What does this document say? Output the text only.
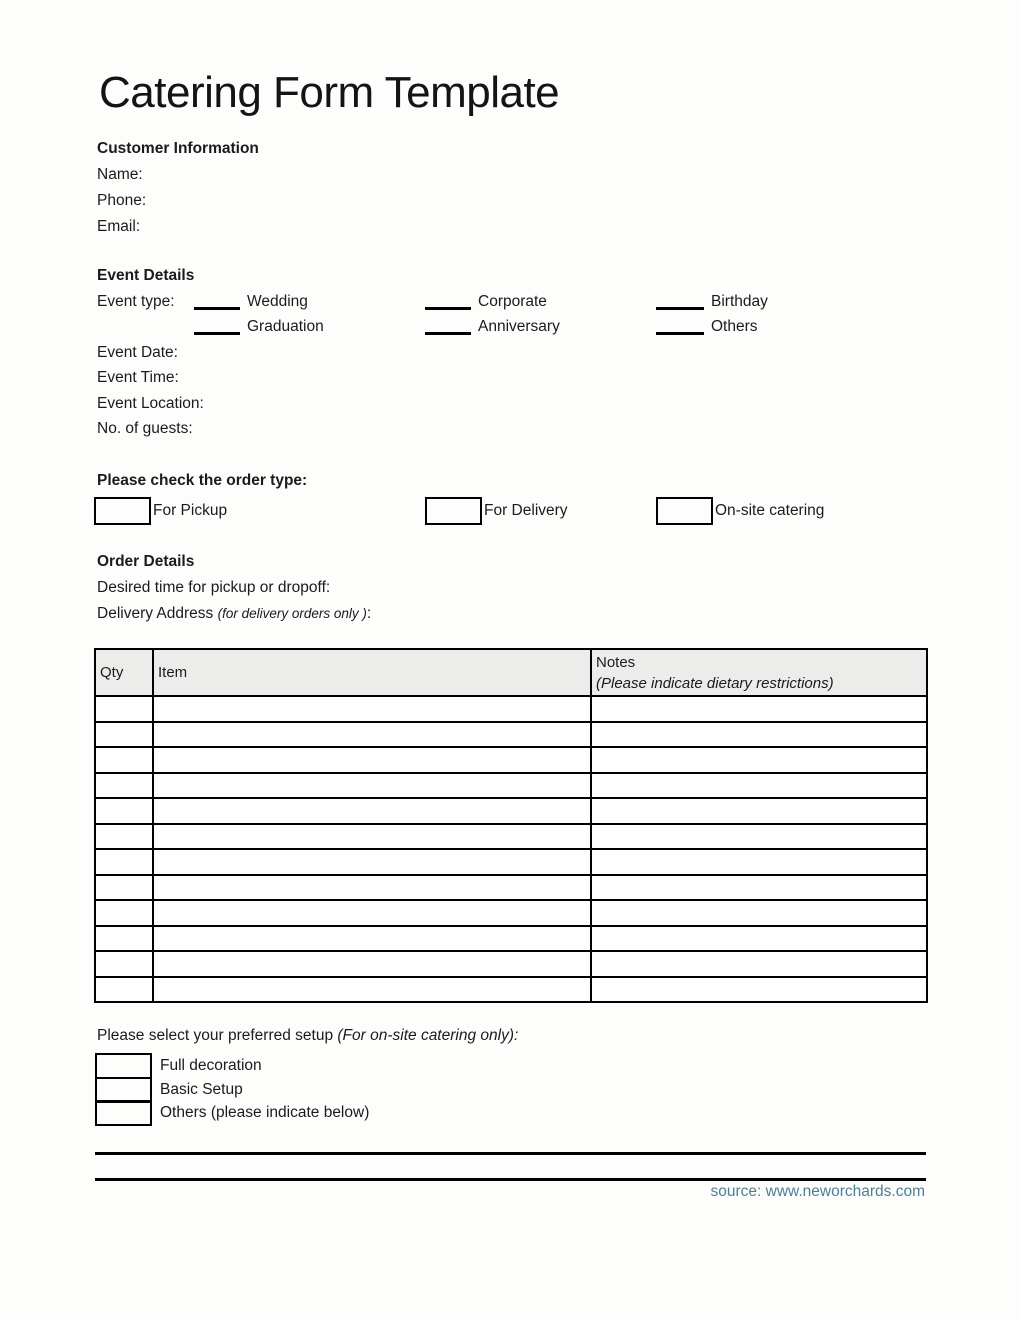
Catering Form Template
Customer Information
Name:
Phone:
Email:
Event Details
Event type:	Wedding	Corporate	Birthday
Graduation	Anniversary	Others
Event Date:
Event Time:
Event Location:
No. of guests:
Please check the order type:
For Pickup	For Delivery	On-site catering
Order Details
Desired time for pickup or dropoff:
Delivery Address (for delivery orders only ):
Qty	Item	Notes
(Please indicate dietary restrictions)

Please select your preferred setup (For on-site catering only):
Full decoration
Basic Setup
Others (please indicate below)
source: www.neworchards.com
